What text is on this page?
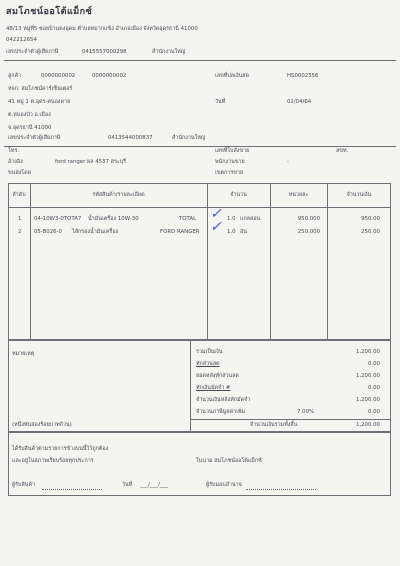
สมโภชน์ออโต้แม็กซ์
48/13 หมู่ที่5 ซอยบ้านดงอุดม ตำบลหมากแข้ง อำเภอเมือง จังหวัดอุดรธานี 41000
042212654
เลขประจำตัวผู้เสียภาษี	0415557000298	สำนักงานใหญ่
ลูกค้า	0000000002	0000000002
หจก. สมโภชน์คาร์เซ็นเตอร์
41 หมู่ 1 ต.อุดร-หนองคาย
ต.หนองบัว อ.เมือง
จ.อุดรธานี 41000
เลขประจำตัวผู้เสียภาษี	0413544000837	สำนักงานใหญ่
เลขที่ปลเงินสด	HS0002556
วันที่	02/04/64
โทร.	เลขที่ใบสั่งขาย	ลขท.
อ้างอิง	ford ranger ผล 4537 สระบุรี	พนักงานขาย	-
ขนส่งโดย	เขตการขาย
ลำดับ	รหัสสินค้า/รายละเอียด	จำนวน	หน่วยละ	จำนวนเงิน
1 04-10W3-0TOTA7 น้ำมันเครื่อง 10W-30	TOTAL	1.0 แกลลอน	950.000	950.00
✓
2 05-B026-0 ไส้กรองน้ำมันเครื่อง	FORD RANGER	1.0 อัน	250.000	250.00
✓
หมายเหตุ
(หนึ่งพันสองร้อยบาทถ้วน)
รวมเป็นเงิน	1,200.00
หักส่วนลด	0.00
ยอดหลังหักส่วนลด	1,200.00
หักเงินมัดจำ #	0.00
จำนวนเงินหลังหักมัดจำ	1,200.00
จำนวนภาษีมูลค่าเพิ่ม	7.00%	0.00
จำนวนเงินรวมทั้งสิ้น	1,200.00
ได้รับสินค้าตามรายการข้างบนนี้ไว้ถูกต้อง
และอยู่ในสภาพเรียบร้อยทุกประการ	ในนาม สมโภชน์ออโต้แม็กซ์
ผู้รับสินค้า	วันที่ ___/___/___	ผู้รับมอบอำนาจ
